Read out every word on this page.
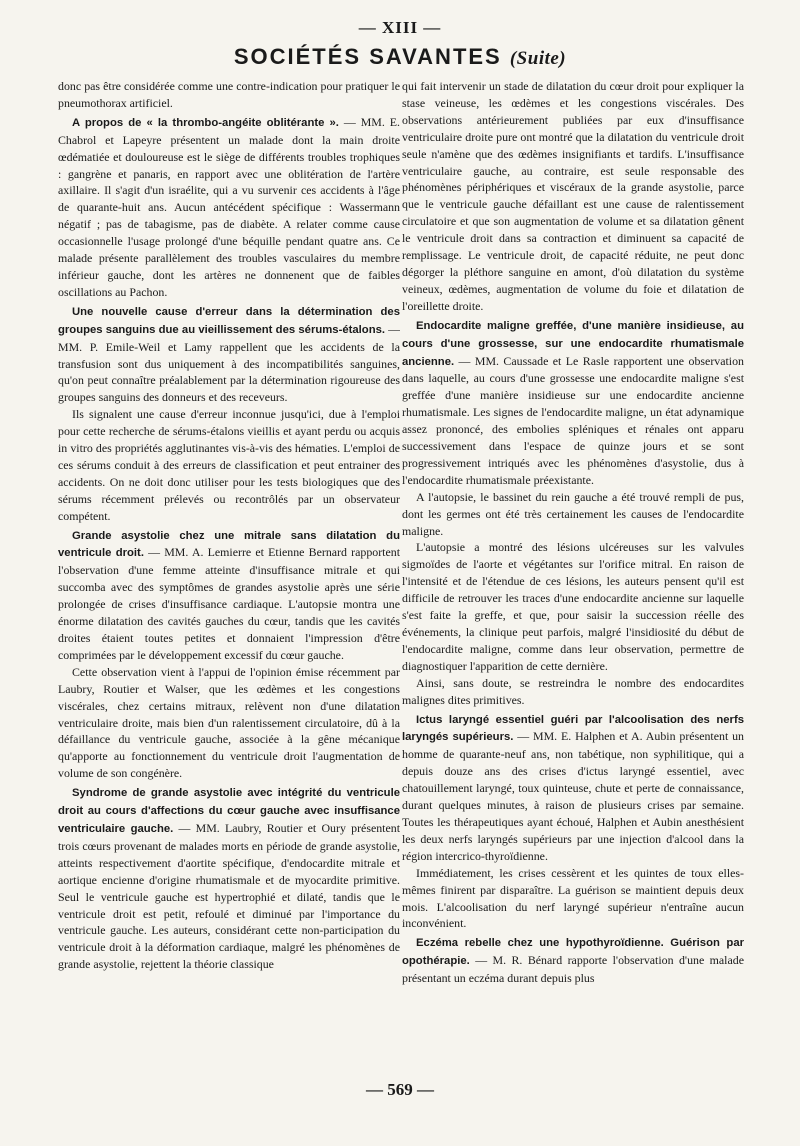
— XIII —
SOCIÉTÉS SAVANTES (Suite)

donc pas être considérée comme une contre-indication pour pratiquer le pneumothorax artificiel.

A propos de « la thrombo-angéite oblitérante ». — MM. E. Chabrol et Lapeyre présentent un malade dont la main droite œdématiée et douloureuse est le siège de différents troubles trophiques : gangrène et panaris, en rapport avec une oblitération de l'artère axillaire. Il s'agit d'un israélite, qui a vu survenir ces accidents à l'âge de quarante-huit ans. Aucun antécédent spécifique : Wassermann négatif ; pas de tabagisme, pas de diabète. A relater comme cause occasionnelle l'usage prolongé d'une béquille pendant quatre ans. Ce malade présente parallèlement des troubles vasculaires du membre inférieur gauche, dont les artères ne donnenent que de faibles oscillations au Pachon.

Une nouvelle cause d'erreur dans la détermination des groupes sanguins due au vieillissement des sérums-étalons. — MM. P. Emile-Weil et Lamy rappellent que les accidents de la transfusion sont dus uniquement à des incompatibilités sanguines, qu'on peut connaître préalablement par la détermination rigoureuse des groupes sanguins des donneurs et des receveurs.

Ils signalent une cause d'erreur inconnue jusqu'ici, due à l'emploi pour cette recherche de sérums-étalons vieillis et ayant perdu ou acquis in vitro des propriétés agglutinantes vis-à-vis des hématies. L'emploi de ces sérums conduit à des erreurs de classification et peut entrainer des accidents. On ne doit donc utiliser pour les tests biologiques que des sérums récemment prélevés ou recontrôlés par un observateur compétent.

Grande asystolie chez une mitrale sans dilatation du ventricule droit. — MM. A. Lemierre et Etienne Bernard rapportent l'observation d'une femme atteinte d'insuffisance mitrale et qui succomba avec des symptômes de grandes asystolie après une série prolongée de crises d'insuffisance cardiaque. L'autopsie montra une énorme dilatation des cavités gauches du cœur, tandis que les cavités droites étaient toutes petites et donnaient l'impression d'être comprimées par le développement excessif du cœur gauche.

Cette observation vient à l'appui de l'opinion émise récemment par Laubry, Routier et Walser, que les œdèmes et les congestions viscérales, chez certains mitraux, relèvent non d'une dilatation ventriculaire droite, mais bien d'un ralentissement circulatoire, dû à la défaillance du ventricule gauche, associée à la gêne mécanique qu'apporte au fonctionnement du ventricule droit l'augmentation de volume de son congénère.

Syndrome de grande asystolie avec intégrité du ventricule droit au cours d'affections du cœur gauche avec insuffisance ventriculaire gauche. — MM. Laubry, Routier et Oury présentent trois cœurs provenant de malades morts en période de grande asystolie, atteints respectivement d'aortite spécifique, d'endocardite mitrale et aortique encienne d'origine rhumatismale et de myocardite primitive. Seul le ventricule gauche est hypertrophié et dilaté, tandis que le ventricule droit est petit, refoulé et diminué par l'importance du ventricule gauche. Les auteurs, considérant cette non-participation du ventricule droit à la déformation cardiaque, malgré les phénomènes de grande asystolie, rejettent la théorie classique

qui fait intervenir un stade de dilatation du cœur droit pour expliquer la stase veineuse, les œdèmes et les congestions viscérales. Des observations antérieurement publiées par eux d'insuffisance ventriculaire droite pure ont montré que la dilatation du ventricule droit seule n'amène que des œdèmes insignifiants et tardifs. L'insuffisance ventriculaire gauche, au contraire, est seule responsable des phénomènes périphériques et viscéraux de la grande asystolie, parce que le ventricule gauche défaillant est une cause de ralentissement circulatoire et que son augmentation de volume et sa dilatation gênent le ventricule droit dans sa contraction et diminuent sa capacité de remplissage. Le ventricule droit, de capacité réduite, ne peut donc dégorger la pléthore sanguine en amont, d'où dilatation du système veineux, œdèmes, augmentation de volume du foie et dilatation de l'oreillette droite.

Endocardite maligne greffée, d'une manière insidieuse, au cours d'une grossesse, sur une endocardite rhumatismale ancienne. — MM. Caussade et Le Rasle rapportent une observation dans laquelle, au cours d'une grossesse une endocardite maligne s'est greffée d'une manière insidieuse sur une endocardite ancienne rhumatismale. Les signes de l'endocardite maligne, un état adynamique assez prononcé, des embolies spléniques et rénales ont apparu successivement dans l'espace de quinze jours et se sont progressivement intriqués avec les phénomènes d'asystolie, dus à l'endocardite rhumatismale préexistante.

A l'autopsie, le bassinet du rein gauche a été trouvé rempli de pus, dont les germes ont été très certainement les causes de l'endocardite maligne.

L'autopsie a montré des lésions ulcéreuses sur les valvules sigmoïdes de l'aorte et végétantes sur l'orifice mitral. En raison de l'intensité et de l'étendue de ces lésions, les auteurs pensent qu'il est difficile de retrouver les traces d'une endocardite ancienne sur laquelle s'est faite la greffe, et que, pour saisir la succession réelle des événements, la clinique peut parfois, malgré l'insidiosité du début de l'endocardite maligne, comme dans leur observation, permettre de diagnostiquer l'apparition de cette dernière.

Ainsi, sans doute, se restreindra le nombre des endocardites malignes dites primitives.

Ictus laryngé essentiel guéri par l'alcoolisation des nerfs laryngés supérieurs. — MM. E. Halphen et A. Aubin présentent un homme de quarante-neuf ans, non tabétique, non syphilitique, qui a depuis douze ans des crises d'ictus laryngé essentiel, avec chatouillement laryngé, toux quinteuse, chute et perte de connaissance, durant quelques minutes, à raison de plusieurs crises par semaine. Toutes les thérapeutiques ayant échoué, Halphen et Aubin anesthésient les deux nerfs laryngés supérieurs par une injection d'alcool dans la région intercrico-thyroïdienne.

Immédiatement, les crises cessèrent et les quintes de toux elles-mêmes finirent par disparaître. La guérison se maintient depuis deux mois. L'alcoolisation du nerf laryngé supérieur n'entraîne aucun inconvénient.

Eczéma rebelle chez une hypothyroïdienne. Guérison par opothérapie. — M. R. Bénard rapporte l'observation d'une malade présentant un eczéma durant depuis plus

— 569 —
